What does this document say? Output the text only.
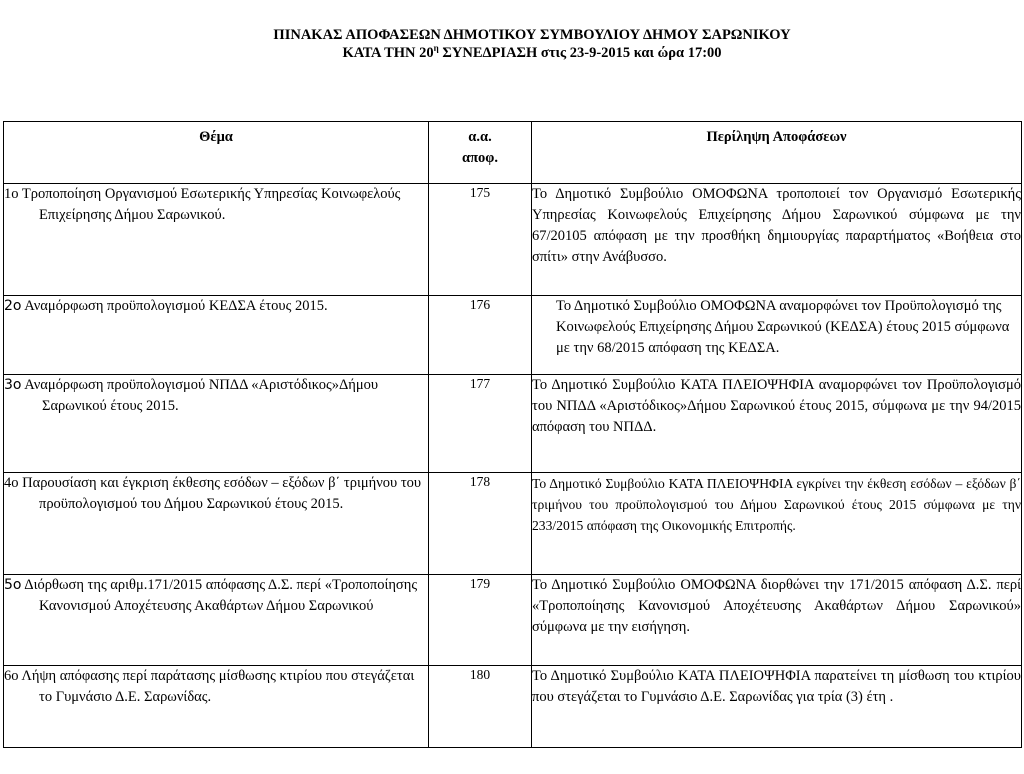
ΠΙΝΑΚΑΣ ΑΠΟΦΑΣΕΩΝ ΔΗΜΟΤΙΚΟΥ ΣΥΜΒΟΥΛΙΟΥ ΔΗΜΟΥ ΣΑΡΩΝΙΚΟΥ
ΚΑΤΑ ΤΗΝ $20^\eta$ ΣΥΝΕΔΡΙΑΣΗ στις 23-9-2015 και ώρα 17:00
Θέμα	α.α. αποφ.	Περίληψη Αποφάσεων

1ο Τροποποίηση Οργανισμού Εσωτερικής Υπηρεσίας Κοινωφελούς Επιχείρησης Δήμου Σαρωνικού.	175	Το Δημοτικό Συμβούλιο ΟΜΟΦΩΝΑ τροποποιεί τον Οργανισμό Εσωτερικής Υπηρεσίας Κοινωφελούς Επιχείρησης Δήμου Σαρωνικού σύμφωνα με την 67/20105 απόφαση με την προσθήκη δημιουργίας παραρτήματος «Βοήθεια στο σπίτι» στην Ανάβυσσο.

2ο Αναμόρφωση προϋπολογισμού ΚΕΔΣΑ έτους 2015.	176	Το Δημοτικό Συμβούλιο ΟΜΟΦΩΝΑ αναμορφώνει τον Προϋπολογισμό της Κοινωφελούς Επιχείρησης Δήμου Σαρωνικού (ΚΕΔΣΑ) έτους 2015 σύμφωνα με την 68/2015 απόφαση της ΚΕΔΣΑ.

3ο Αναμόρφωση προϋπολογισμού ΝΠΔΔ «Αριστόδικος»Δήμου Σαρωνικού έτους 2015.	177	Το Δημοτικό Συμβούλιο ΚΑΤΑ ΠΛΕΙΟΨΗΦΙΑ αναμορφώνει τον Προϋπολογισμό του ΝΠΔΔ «Αριστόδικος»Δήμου Σαρωνικού έτους 2015, σύμφωνα με την 94/2015 απόφαση του ΝΠΔΔ.

4ο Παρουσίαση και έγκριση έκθεσης εσόδων – εξόδων β΄ τριμήνου του προϋπολογισμού του Δήμου Σαρωνικού έτους 2015.	178	Το Δημοτικό Συμβούλιο ΚΑΤΑ ΠΛΕΙΟΨΗΦΙΑ εγκρίνει την έκθεση εσόδων – εξόδων β΄ τριμήνου του προϋπολογισμού του Δήμου Σαρωνικού έτους 2015 σύμφωνα με την 233/2015 απόφαση της Οικονομικής Επιτροπής.

5ο Διόρθωση της αριθμ.171/2015 απόφασης Δ.Σ. περί «Τροποποίησης Κανονισμού Αποχέτευσης Ακαθάρτων Δήμου Σαρωνικού	179	Το Δημοτικό Συμβούλιο ΟΜΟΦΩΝΑ διορθώνει την 171/2015 απόφαση Δ.Σ. περί «Τροποποίησης Κανονισμού Αποχέτευσης Ακαθάρτων Δήμου Σαρωνικού» σύμφωνα με την εισήγηση.

6ο Λήψη απόφασης περί παράτασης μίσθωσης κτιρίου που στεγάζεται το Γυμνάσιο Δ.Ε. Σαρωνίδας.	180	Το Δημοτικό Συμβούλιο ΚΑΤΑ ΠΛΕΙΟΨΗΦΙΑ παρατείνει τη μίσθωση του κτιρίου που στεγάζεται το Γυμνάσιο Δ.Ε. Σαρωνίδας για τρία (3) έτη .
